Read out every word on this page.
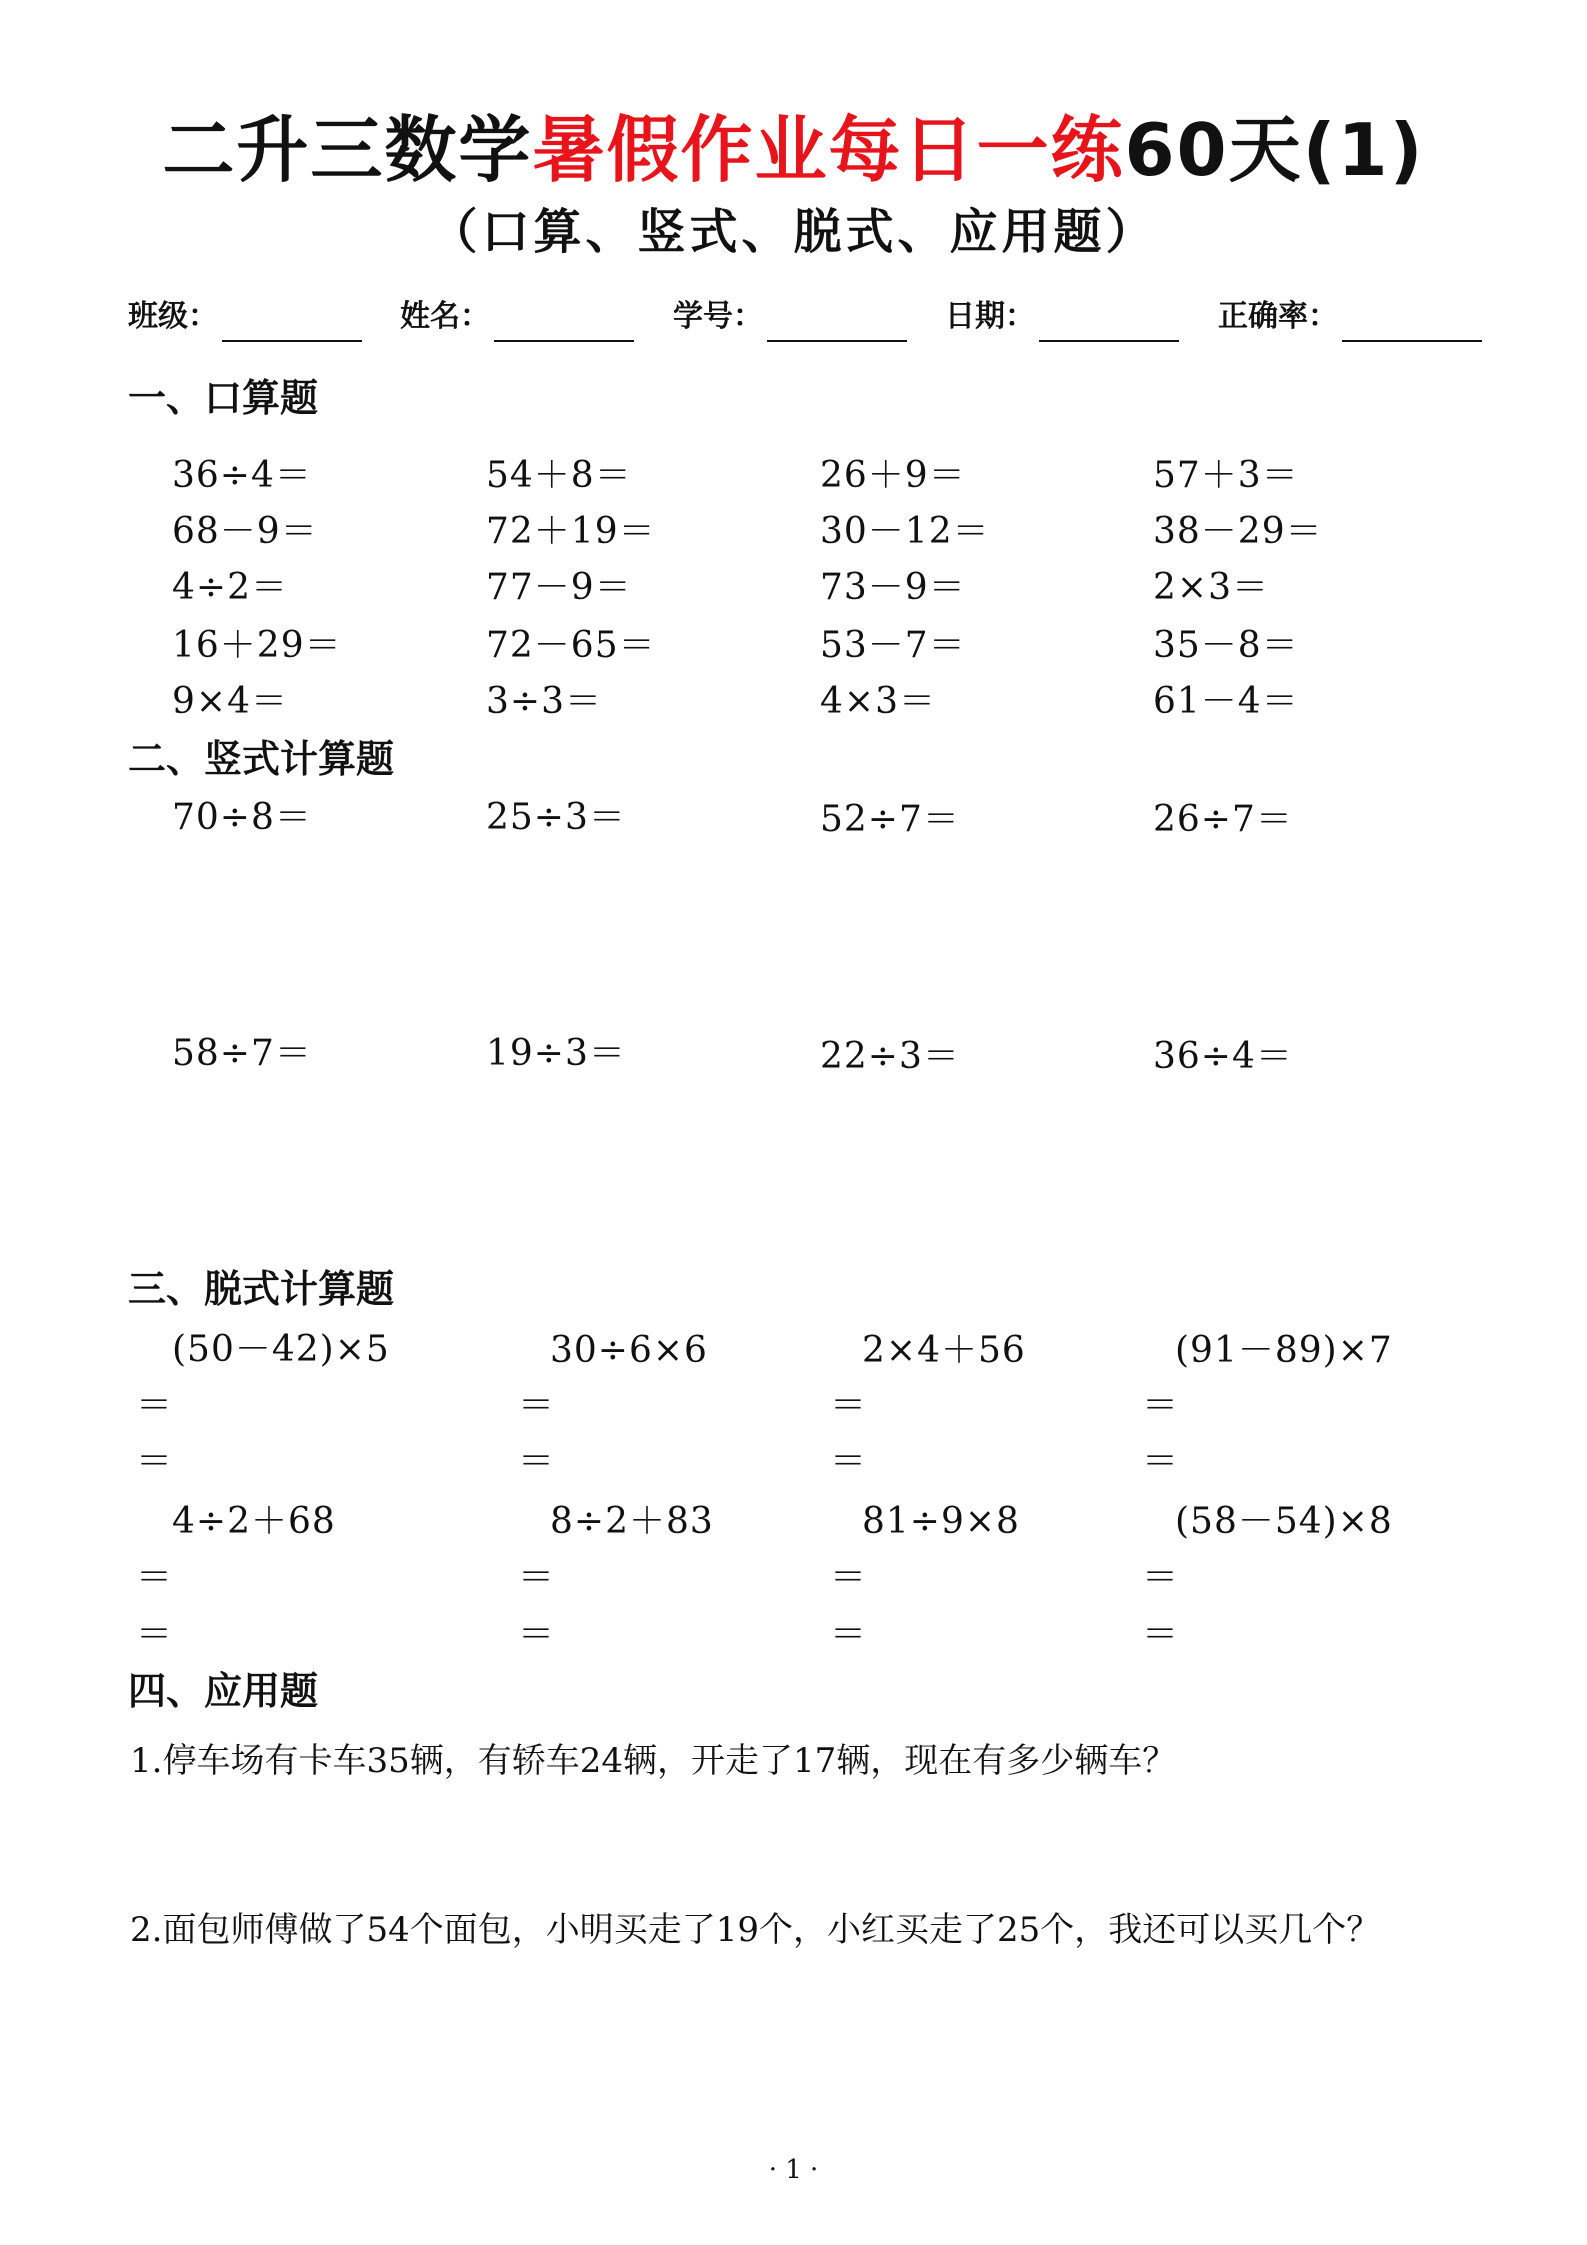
二升三数学暑假作业每日一练60天(1)
（口算、竖式、脱式、应用题）
班级：	姓名：	学号：	日期：	正确率：
一、口算题
36÷4＝	54＋8＝	26＋9＝	57＋3＝
68－9＝	72＋19＝	30－12＝	38－29＝
4÷2＝	77－9＝	73－9＝	2×3＝
16＋29＝	72－65＝	53－7＝	35－8＝
9×4＝	3÷3＝	4×3＝	61－4＝
二、竖式计算题
70÷8＝	25÷3＝	52÷7＝	26÷7＝
58÷7＝	19÷3＝	22÷3＝	36÷4＝
三、脱式计算题
(50－42)×5	30÷6×6	2×4＋56	(91－89)×7
＝	＝	＝	＝
＝	＝	＝	＝
4÷2＋68	8÷2＋83	81÷9×8	(58－54)×8
＝	＝	＝	＝
＝	＝	＝	＝
四、应用题
1.停车场有卡车35辆，有轿车24辆，开走了17辆，现在有多少辆车？
2.面包师傅做了54个面包，小明买走了19个，小红买走了25个，我还可以买几个？
· 1 ·
